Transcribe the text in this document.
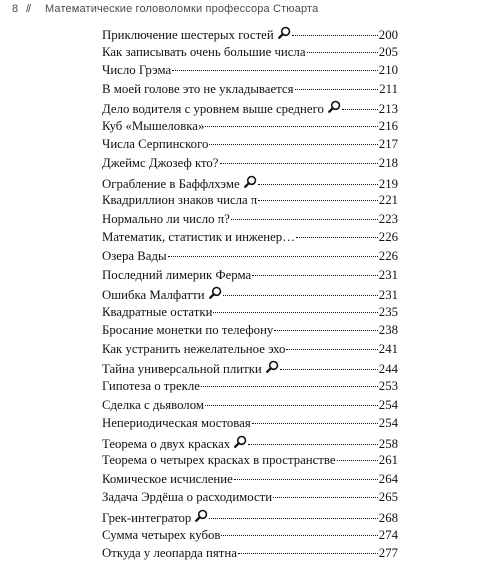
8 // Математические головоломки профессора Стюарта
Приключение шестерых гостей	200
Как записывать очень большие числа	205
Число Грэма	210
В моей голове это не укладывается	211
Дело водителя с уровнем выше среднего	213
Куб «Мышеловка»	216
Числа Серпинского	217
Джеймс Джозеф кто?	218
Ограбление в Баффлхэме	219
Квадриллион знаков числа π	221
Нормально ли число π?	223
Математик, статистик и инженер…	226
Озера Вады	226
Последний лимерик Ферма	231
Ошибка Малфатти	231
Квадратные остатки	235
Бросание монетки по телефону	238
Как устранить нежелательное эхо	241
Тайна универсальной плитки	244
Гипотеза о трекле	253
Сделка с дьяволом	254
Непериодическая мостовая	254
Теорема о двух красках	258
Теорема о четырех красках в пространстве	261
Комическое исчисление	264
Задача Эрдёша о расходимости	265
Грек-интегратор	268
Сумма четырех кубов	274
Откуда у леопарда пятна	277
